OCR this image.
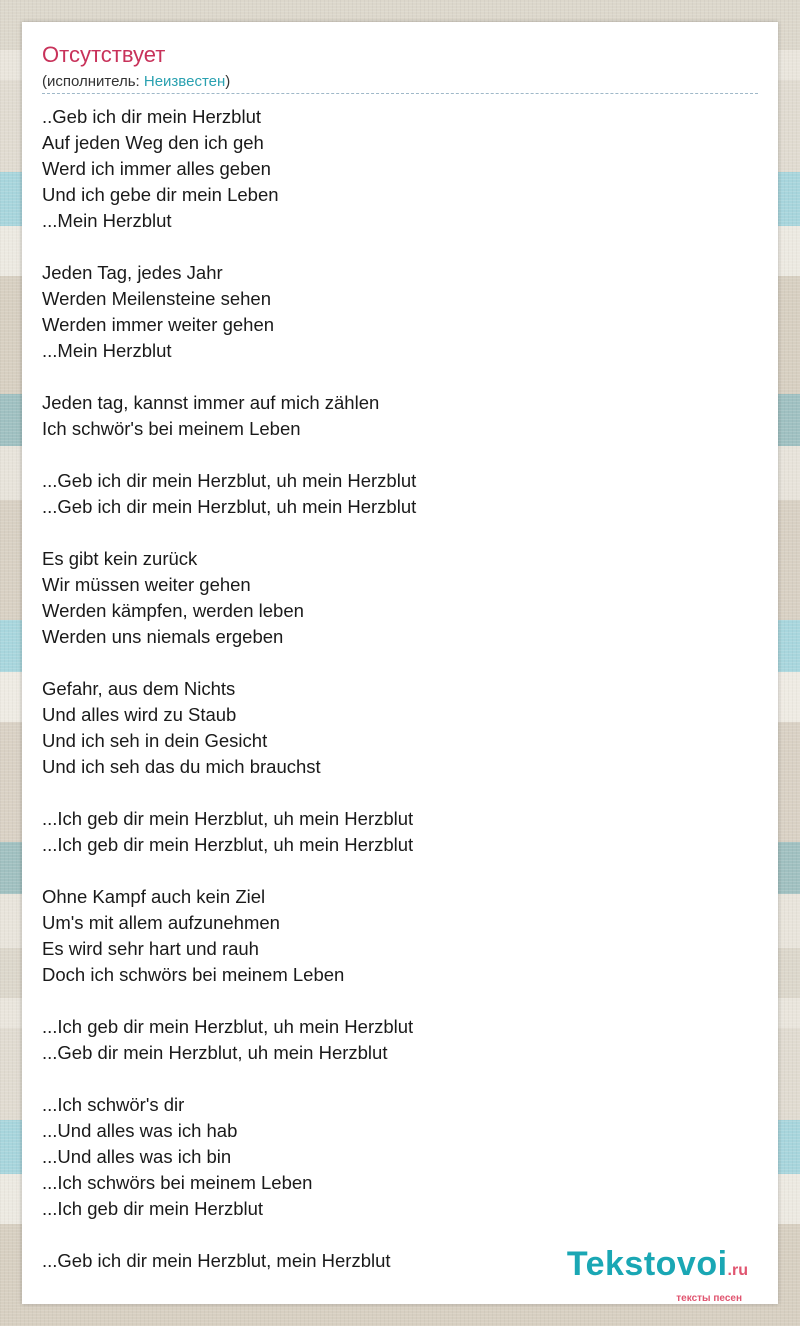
Отсутствует
(исполнитель: Неизвестен)
..Geb ich dir mein Herzblut
Auf jeden Weg den ich geh
Werd ich immer alles geben
Und ich gebe dir mein Leben
...Mein Herzblut
Jeden Tag, jedes Jahr
Werden Meilensteine sehen
Werden immer weiter gehen
...Mein Herzblut
Jeden tag, kannst immer auf mich zählen
Ich schwör's bei meinem Leben
...Geb ich dir mein Herzblut, uh mein Herzblut
...Geb ich dir mein Herzblut, uh mein Herzblut
Es gibt kein zurück
Wir müssen weiter gehen
Werden kämpfen, werden leben
Werden uns niemals ergeben
Gefahr, aus dem Nichts
Und alles wird zu Staub
Und ich seh in dein Gesicht
Und ich seh das du mich brauchst
...Ich geb dir mein Herzblut, uh mein Herzblut
...Ich geb dir mein Herzblut, uh mein Herzblut
Ohne Kampf auch kein Ziel
Um's mit allem aufzunehmen
Es wird sehr hart und rauh
Doch ich schwörs bei meinem Leben
...Ich geb dir mein Herzblut, uh mein Herzblut
...Geb dir mein Herzblut, uh mein Herzblut
...Ich schwör's dir
...Und alles was ich hab
...Und alles was ich bin
...Ich schwörs bei meinem Leben
...Ich geb dir mein Herzblut
...Geb ich dir mein Herzblut, mein Herzblut	Tekstovoi.ru
тексты песен
